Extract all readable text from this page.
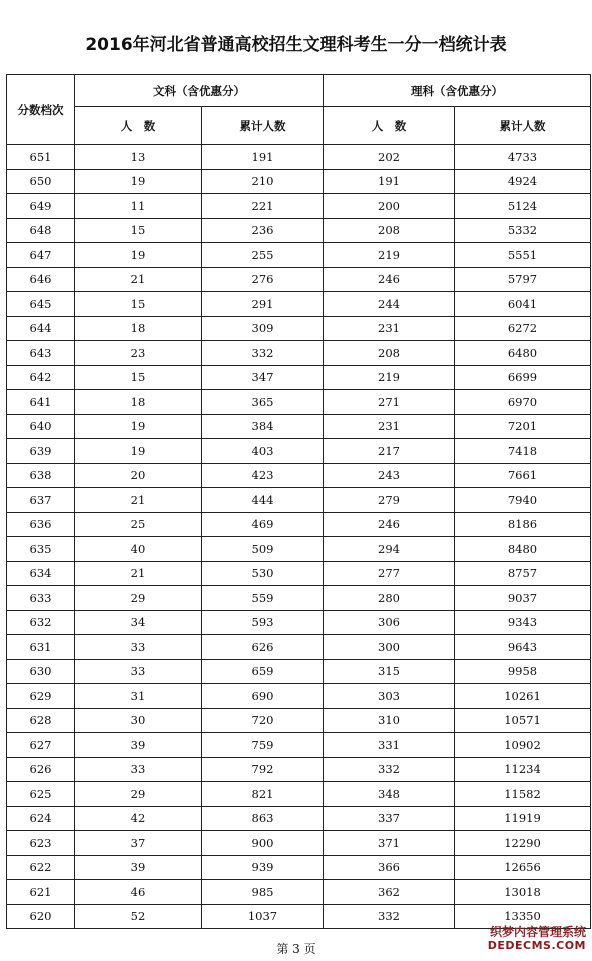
2016年河北省普通高校招生文理科考生一分一档统计表
分数档次	文科（含优惠分）		理科（含优惠分）	
	人　数	累计人数	人　数	累计人数
651	13	191	202	4733
650	19	210	191	4924
649	11	221	200	5124
648	15	236	208	5332
647	19	255	219	5551
646	21	276	246	5797
645	15	291	244	6041
644	18	309	231	6272
643	23	332	208	6480
642	15	347	219	6699
641	18	365	271	6970
640	19	384	231	7201
639	19	403	217	7418
638	20	423	243	7661
637	21	444	279	7940
636	25	469	246	8186
635	40	509	294	8480
634	21	530	277	8757
633	29	559	280	9037
632	34	593	306	9343
631	33	626	300	9643
630	33	659	315	9958
629	31	690	303	10261
628	30	720	310	10571
627	39	759	331	10902
626	33	792	332	11234
625	29	821	348	11582
624	42	863	337	11919
623	37	900	371	12290
622	39	939	366	12656
621	46	985	362	13018
620	52	1037	332	13350
织梦内容管理系统
DEDECMS.COM
第 3 页
